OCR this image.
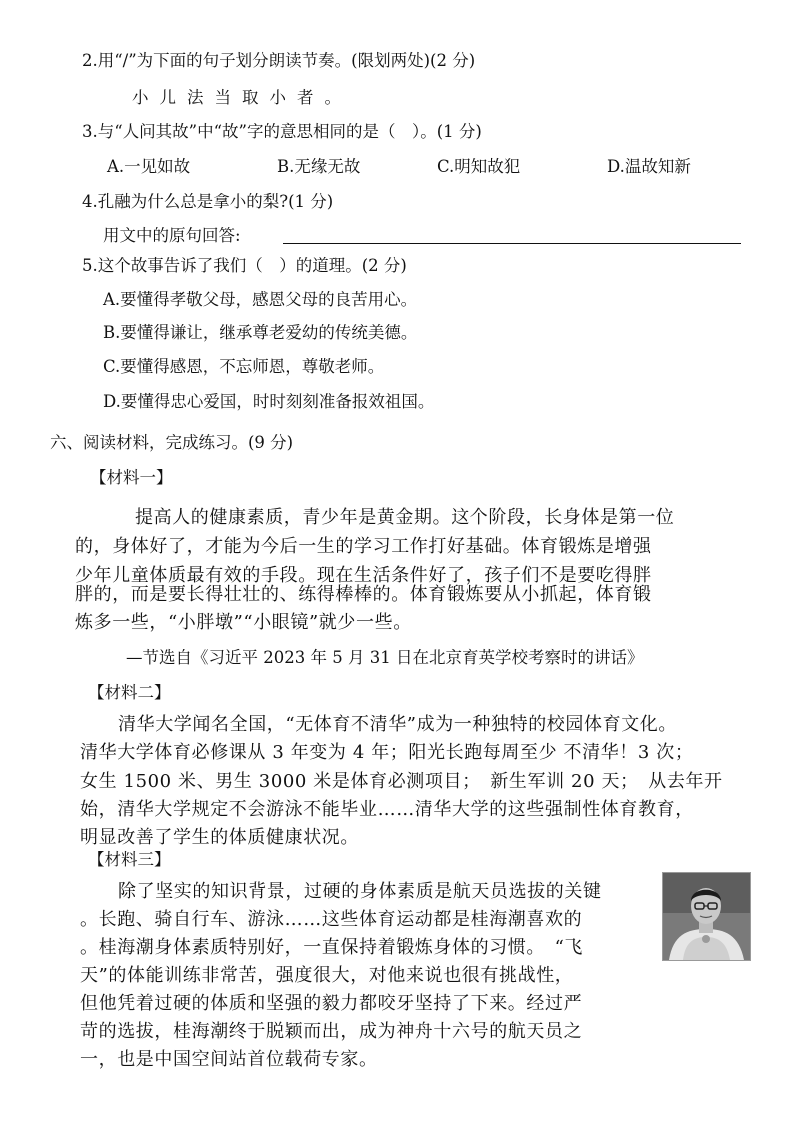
2.用“/”为下面的句子划分朗读节奏。(限划两处)(2 分)
小儿法当取小者。
3.与“人问其故”中“故”字的意思相同的是（　）。(1 分)
A.一见如故	B.无缘无故	C.明知故犯	D.温故知新
4.孔融为什么总是拿小的梨?(1 分)
用文中的原句回答:
5.这个故事告诉了我们（　）的道理。(2 分)
A.要懂得孝敬父母，感恩父母的良苦用心。
B.要懂得谦让，继承尊老爱幼的传统美德。
C.要懂得感恩，不忘师恩，尊敬老师。
D.要懂得忠心爱国，时时刻刻准备报效祖国。
六、阅读材料，完成练习。(9 分)
【材料一】
提高人的健康素质，青少年是黄金期。这个阶段，长身体是第一位
的，身体好了，才能为今后一生的学习工作打好基础。体育锻炼是增强
少年儿童体质最有效的手段。现在生活条件好了，孩子们不是要吃得胖
胖的，而是要长得壮壮的、练得棒棒的。体育锻炼要从小抓起，体育锻
炼多一些，“小胖墩”“小眼镜”就少一些。
—节选自《习近平 2023 年 5 月 31 日在北京育英学校考察时的讲话》
【材料二】
清华大学闻名全国，“无体育不清华”成为一种独特的校园体育文化。
清华大学体育必修课从 3 年变为 4 年；阳光长跑每周至少 不清华！3 次；
女生 1500 米、男生 3000 米是体育必测项目；　新生军训 20 天；　从去年开
始，清华大学规定不会游泳不能毕业……清华大学的这些强制性体育教育，
明显改善了学生的体质健康状况。
【材料三】
除了坚实的知识背景，过硬的身体素质是航天员选拔的关键
。长跑、骑自行车、游泳……这些体育运动都是桂海潮喜欢的
。桂海潮身体素质特别好，一直保持着锻炼身体的习惯。　“飞
天”的体能训练非常苦，强度很大，对他来说也很有挑战性，
但他凭着过硬的体质和坚强的毅力都咬牙坚持了下来。经过严
苛的选拔，桂海潮终于脱颖而出，成为神舟十六号的航天员之
一，也是中国空间站首位载荷专家。
